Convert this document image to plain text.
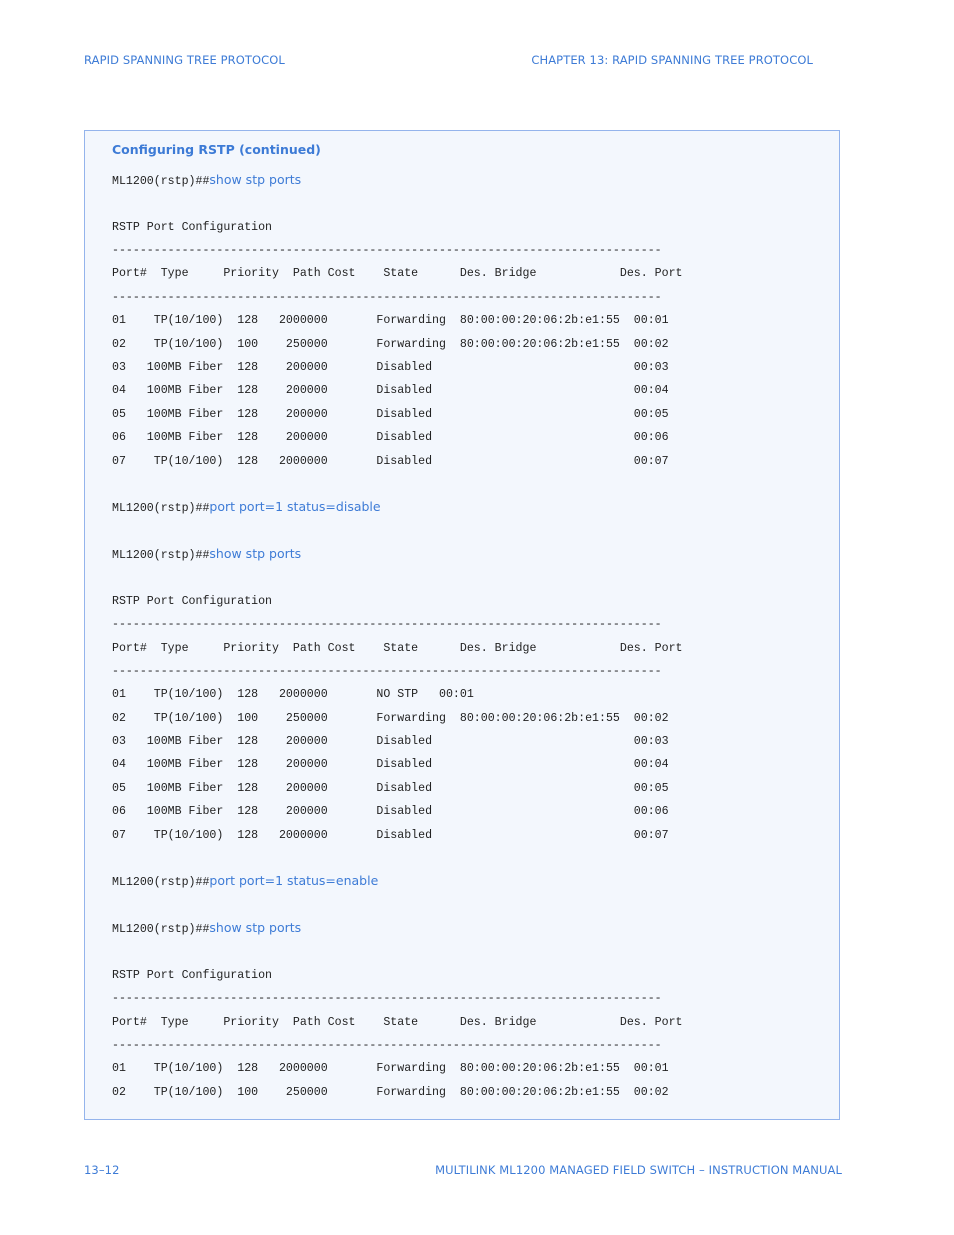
RAPID SPANNING TREE PROTOCOL	CHAPTER 13: RAPID SPANNING TREE PROTOCOL
Configuring RSTP (continued)
ML1200(rstp)##show stp ports
RSTP Port Configuration
-------------------------------------------------------------------------------
Port#  Type     Priority  Path Cost    State      Des. Bridge            Des. Port
-------------------------------------------------------------------------------
01    TP(10/100)  128   2000000       Forwarding  80:00:00:20:06:2b:e1:55  00:01
02    TP(10/100)  100    250000       Forwarding  80:00:00:20:06:2b:e1:55  00:02
03   100MB Fiber  128    200000       Disabled                             00:03
04   100MB Fiber  128    200000       Disabled                             00:04
05   100MB Fiber  128    200000       Disabled                             00:05
06   100MB Fiber  128    200000       Disabled                             00:06
07    TP(10/100)  128   2000000       Disabled                             00:07
ML1200(rstp)##port port=1 status=disable
ML1200(rstp)##show stp ports
RSTP Port Configuration
-------------------------------------------------------------------------------
Port#  Type     Priority  Path Cost    State      Des. Bridge            Des. Port
-------------------------------------------------------------------------------
01    TP(10/100)  128   2000000       NO STP   00:01
02    TP(10/100)  100    250000       Forwarding  80:00:00:20:06:2b:e1:55  00:02
03   100MB Fiber  128    200000       Disabled                             00:03
04   100MB Fiber  128    200000       Disabled                             00:04
05   100MB Fiber  128    200000       Disabled                             00:05
06   100MB Fiber  128    200000       Disabled                             00:06
07    TP(10/100)  128   2000000       Disabled                             00:07
ML1200(rstp)##port port=1 status=enable
ML1200(rstp)##show stp ports
RSTP Port Configuration
-------------------------------------------------------------------------------
Port#  Type     Priority  Path Cost    State      Des. Bridge            Des. Port
-------------------------------------------------------------------------------
01    TP(10/100)  128   2000000       Forwarding  80:00:00:20:06:2b:e1:55  00:01
02    TP(10/100)  100    250000       Forwarding  80:00:00:20:06:2b:e1:55  00:02
13–12	MULTILINK ML1200 MANAGED FIELD SWITCH – INSTRUCTION MANUAL
